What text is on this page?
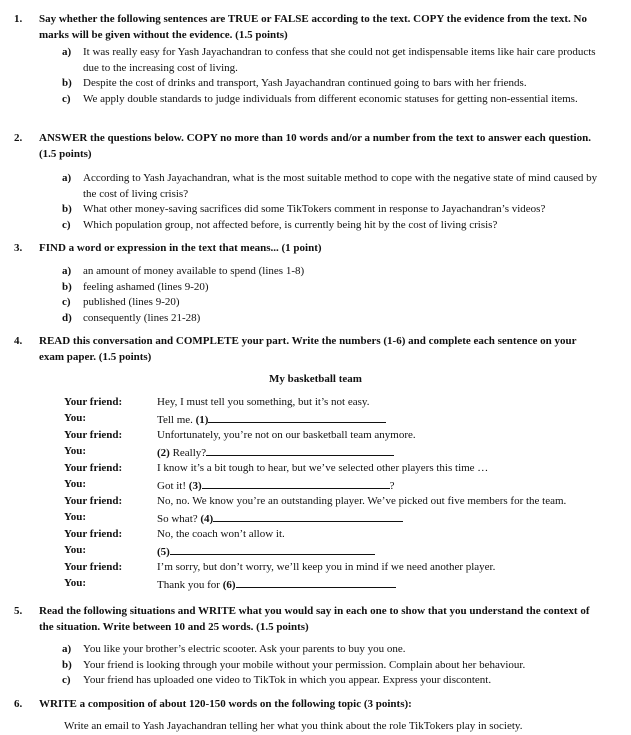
1. Say whether the following sentences are TRUE or FALSE according to the text. COPY the evidence from the text. No marks will be given without the evidence. (1.5 points)

a) It was really easy for Yash Jayachandran to confess that she could not get indispensable items like hair care products due to the increasing cost of living.

b) Despite the cost of drinks and transport, Yash Jayachandran continued going to bars with her friends.

c) We apply double standards to judge individuals from different economic statuses for getting non-essential items.

2. ANSWER the questions below. COPY no more than 10 words and/or a number from the text to answer each question. (1.5 points)

a) According to Yash Jayachandran, what is the most suitable method to cope with the negative state of mind caused by the cost of living crisis?

b) What other money-saving sacrifices did some TikTokers comment in response to Jayachandran’s videos?

c) Which population group, not affected before, is currently being hit by the cost of living crisis?

3. FIND a word or expression in the text that means... (1 point)

a) an amount of money available to spend (lines 1-8)

b) feeling ashamed (lines 9-20)

c) published (lines 9-20)

d) consequently (lines 21-28)

4. READ this conversation and COMPLETE your part. Write the numbers (1-6) and complete each sentence on your exam paper. (1.5 points)
My basketball team
Your friend:	Hey, I must tell you something, but it’s not easy.
You:	Tell me. (1)
Your friend:	Unfortunately, you’re not on our basketball team anymore.
You:	(2) Really?
Your friend:	I know it’s a bit tough to hear, but we’ve selected other players this time …
You:	Got it! (3)	?
Your friend:	No, no. We know you’re an outstanding player. We’ve picked out five members for the team.
You:	So what? (4)
Your friend:	No, the coach won’t allow it.
You:	(5)
Your friend:	I’m sorry, but don’t worry, we’ll keep you in mind if we need another player.
You:	Thank you for (6)
5. Read the following situations and WRITE what you would say in each one to show that you understand the context of the situation. Write between 10 and 25 words. (1.5 points)

a) You like your brother’s electric scooter. Ask your parents to buy you one.

b) Your friend is looking through your mobile without your permission. Complain about her behaviour.

c) Your friend has uploaded one video to TikTok in which you appear. Express your discontent.

6. WRITE a composition of about 120-150 words on the following topic (3 points):
Write an email to Yash Jayachandran telling her what you think about the role TikTokers play in society.
